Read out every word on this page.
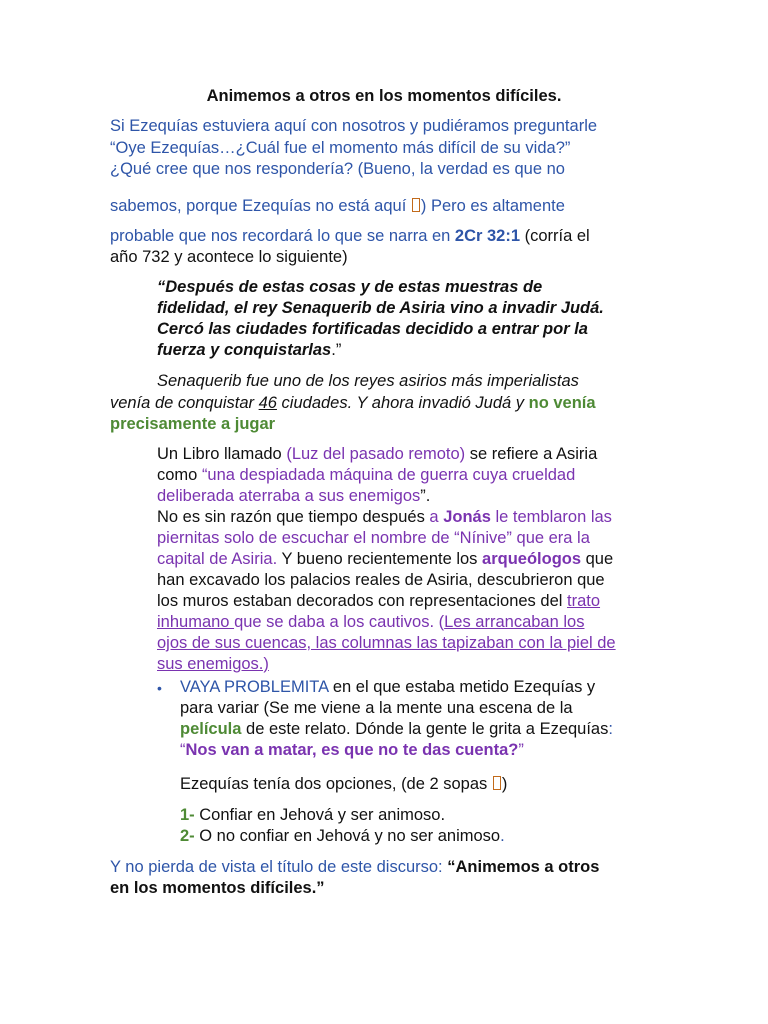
Animemos a otros en los momentos difíciles.
Si Ezequías estuviera aquí con nosotros y pudiéramos preguntarle
“Oye Ezequías…¿Cuál fue el momento más difícil de su vida?”
¿Qué cree que nos respondería? (Bueno, la verdad es que no
sabemos, porque Ezequías no está aquí ) Pero es altamente
probable que nos recordará lo que se narra en 2Cr 32:1 (corría el
año 732 y acontece lo siguiente)
“Después de estas cosas y de estas muestras de
fidelidad, el rey Senaquerib de Asiria vino a invadir Judá.
Cercó las ciudades fortificadas decidido a entrar por la
fuerza y conquistarlas.”
Senaquerib fue uno de los reyes asirios más imperialistas
venía de conquistar 46 ciudades. Y ahora invadió Judá y no venía
precisamente a jugar
Un Libro llamado (Luz del pasado remoto) se refiere a Asiria
como “una despiadada máquina de guerra cuya crueldad
deliberada aterraba a sus enemigos”.
No es sin razón que tiempo después a Jonás le temblaron las
piernitas solo de escuchar el nombre de “Nínive” que era la
capital de Asiria. Y bueno recientemente los arqueólogos que
han excavado los palacios reales de Asiria, descubrieron que
los muros estaban decorados con representaciones del trato
inhumano que se daba a los cautivos. (Les arrancaban los
ojos de sus cuencas, las columnas las tapizaban con la piel de
sus enemigos.)
• VAYA PROBLEMITA en el que estaba metido Ezequías y
para variar (Se me viene a la mente una escena de la
película de este relato. Dónde la gente le grita a Ezequías:
“Nos van a matar, es que no te das cuenta?”
Ezequías tenía dos opciones, (de 2 sopas )
1- Confiar en Jehová y ser animoso.
2- O no confiar en Jehová y no ser animoso.
Y no pierda de vista el título de este discurso: “Animemos a otros
en los momentos difíciles.”
